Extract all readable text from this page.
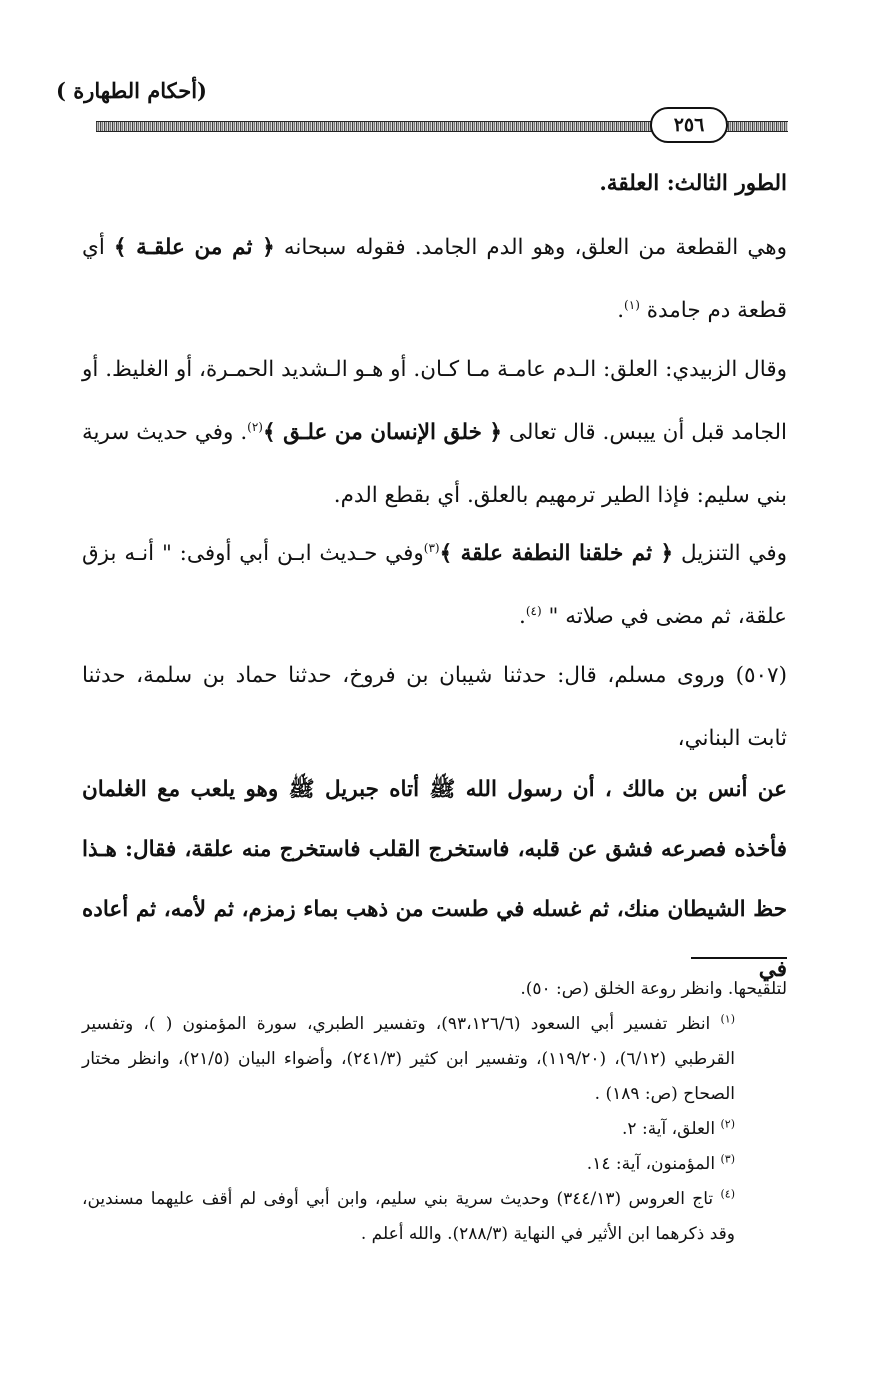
(أحكام الطهارة )
٢٥٦
الطور الثالث: العلقة.
وهي القطعة من العلق، وهو الدم الجامد. فقوله سبحانه ﴿ ثم من علقـة ﴾ أي قطعة دم جامدة $^{(١)}$.
وقال الزبيدي: العلق: الـدم عامـة مـا كـان. أو هـو الـشديد الحمـرة، أو الغليظ. أو الجامد قبل أن ييبس. قال تعالى ﴿ خلق الإنسان من علـق ﴾$^{(٢)}$. وفي حديث سرية بني سليم: فإذا الطير ترمهيم بالعلق. أي بقطع الدم.
وفي التنزيل ﴿ ثم خلقنا النطفة علقة ﴾$^{(٣)}$وفي حـديث ابـن أبي أوفى: " أنـه بزق علقة، ثم مضى في صلاته " $^{(٤)}$.
(٥٠٧) وروى مسلم، قال: حدثنا شيبان بن فروخ، حدثنا حماد بن سلمة، حدثنا ثابت البناني،
عن أنس بن مالك ، أن رسول الله ﷺ أتاه جبريل ﷺ وهو يلعب مع الغلمان فأخذه فصرعه فشق عن قلبه، فاستخرج القلب فاستخرج منه علقة، فقال: هـذا حظ الشيطان منك، ثم غسله في طست من ذهب بماء زمزم، ثم لأمه، ثم أعاده في

لتلقيحها. وانظر روعة الخلق (ص: ٥٠).

$^{(١)}$ انظر تفسير أبي السعود (٩٣،١٢٦/٦)، وتفسير الطبري، سورة المؤمنون ( )، وتفسير القرطبي (٦/١٢)، (١١٩/٢٠)، وتفسير ابن كثير (٢٤١/٣)، وأضواء البيان (٢١/٥)، وانظر مختار الصحاح (ص: ١٨٩) .

$^{(٢)}$ العلق، آية: ٢.

$^{(٣)}$ المؤمنون، آية: ١٤.

$^{(٤)}$ تاج العروس (٣٤٤/١٣) وحديث سرية بني سليم، وابن أبي أوفى لم أقف عليهما مسندين، وقد ذكرهما ابن الأثير في النهاية (٢٨٨/٣). والله أعلم .
